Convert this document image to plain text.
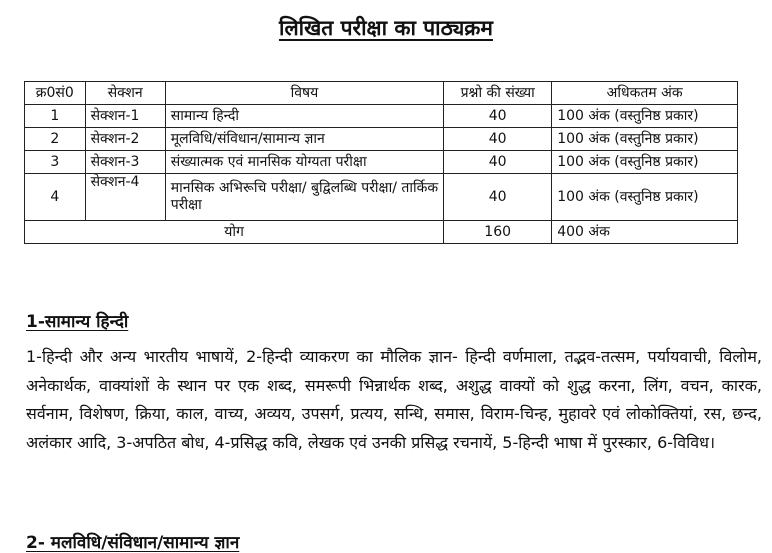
लिखित परीक्षा का पाठ्यक्रम
क्र0सं0	सेक्शन	विषय	प्रश्नो की संख्या	अधिकतम अंक
1	सेक्शन-1	सामान्य हिन्दी	40	100 अंक (वस्तुनिष्ठ प्रकार)
2	सेक्शन-2	मूलविधि/संविधान/सामान्य ज्ञान	40	100 अंक (वस्तुनिष्ठ प्रकार)
3	सेक्शन-3	संख्यात्मक एवं मानसिक योग्यता परीक्षा	40	100 अंक (वस्तुनिष्ठ प्रकार)
4	सेक्शन-4	मानसिक अभिरूचि परीक्षा/ बुद्विलब्धि परीक्षा/ तार्किक परीक्षा	40	100 अंक (वस्तुनिष्ठ प्रकार)
योग			160	400 अंक
1-सामान्य हिन्दी
1-हिन्दी और अन्य भारतीय भाषायें, 2-हिन्दी व्याकरण का मौलिक ज्ञान- हिन्दी वर्णमाला, तद्भव-तत्सम, पर्यायवाची, विलोम, अनेकार्थक, वाक्यांशों के स्थान पर एक शब्द, समरूपी भिन्नार्थक शब्द, अशुद्ध वाक्यों को शुद्ध करना, लिंग, वचन, कारक, सर्वनाम, विशेषण, क्रिया, काल, वाच्य, अव्यय, उपसर्ग, प्रत्यय, सन्धि, समास, विराम-चिन्ह, मुहावरे एवं लोकोक्तियां, रस, छन्द, अलंकार आदि, 3-अपठित बोध, 4-प्रसिद्ध कवि, लेखक एवं उनकी प्रसिद्ध रचनायें, 5-हिन्दी भाषा में पुरस्कार, 6-विविध।
2- मलविधि/संविधान/सामान्य ज्ञान
